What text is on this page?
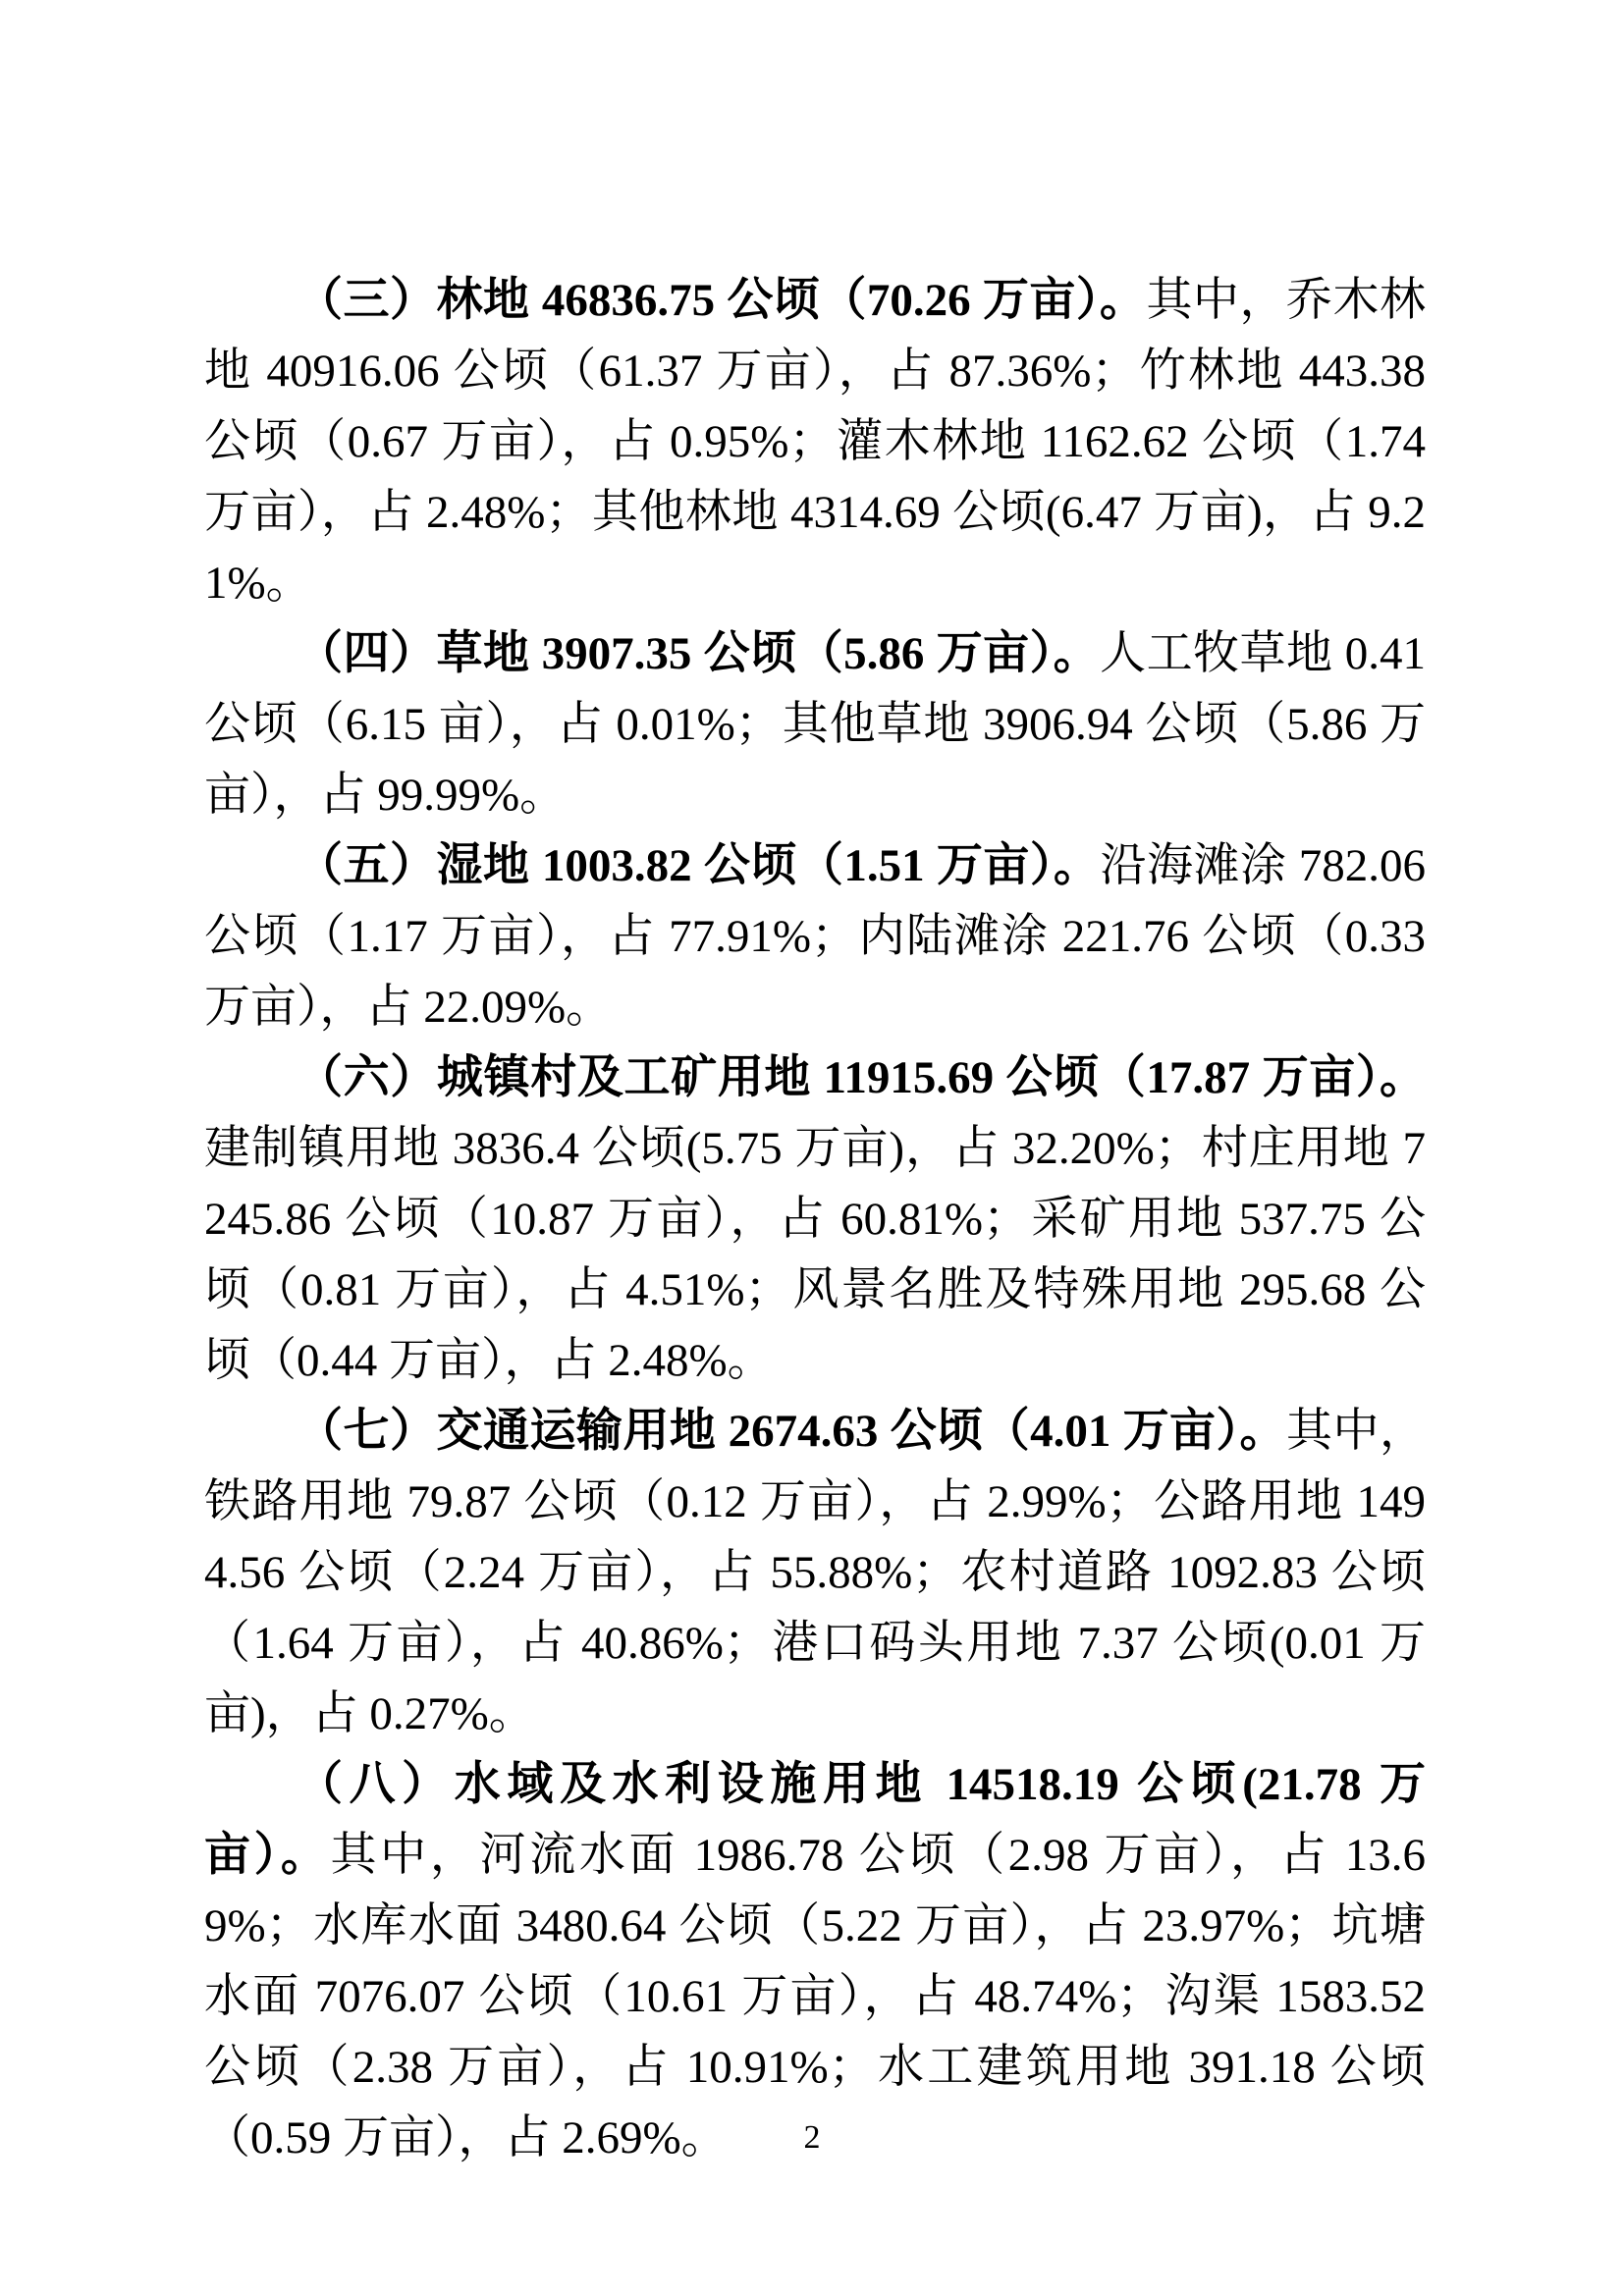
（三）林地 46836.75 公顷（70.26 万亩）。其中，乔木林地 40916.06 公顷（61.37 万亩），占 87.36%；竹林地 443.38 公顷（0.67 万亩），占 0.95%；灌木林地 1162.62 公顷（1.74 万亩），占 2.48%；其他林地 4314.69 公顷(6.47 万亩)，占 9.21%。

（四）草地 3907.35 公顷（5.86 万亩）。人工牧草地 0.41 公顷（6.15 亩），占 0.01%；其他草地 3906.94 公顷（5.86 万亩），占 99.99%。

（五）湿地 1003.82 公顷（1.51 万亩）。沿海滩涂 782.06 公顷（1.17 万亩），占 77.91%；内陆滩涂 221.76 公顷（0.33 万亩），占 22.09%。

（六）城镇村及工矿用地 11915.69 公顷（17.87 万亩）。建制镇用地 3836.4 公顷(5.75 万亩)，占 32.20%；村庄用地 7245.86 公顷（10.87 万亩），占 60.81%；采矿用地 537.75 公顷（0.81 万亩），占 4.51%；风景名胜及特殊用地 295.68 公顷（0.44 万亩），占 2.48%。

（七）交通运输用地 2674.63 公顷（4.01 万亩）。其中，铁路用地 79.87 公顷（0.12 万亩），占 2.99%；公路用地 1494.56 公顷（2.24 万亩），占 55.88%；农村道路 1092.83 公顷（1.64 万亩），占 40.86%；港口码头用地 7.37 公顷(0.01 万亩)，占 0.27%。

（八）水域及水利设施用地 14518.19 公顷(21.78 万亩）。其中，河流水面 1986.78 公顷（2.98 万亩），占 13.69%；水库水面 3480.64 公顷（5.22 万亩），占 23.97%；坑塘水面 7076.07 公顷（10.61 万亩），占 48.74%；沟渠 1583.52 公顷（2.38 万亩），占 10.91%；水工建筑用地 391.18 公顷（0.59 万亩），占 2.69%。	2
